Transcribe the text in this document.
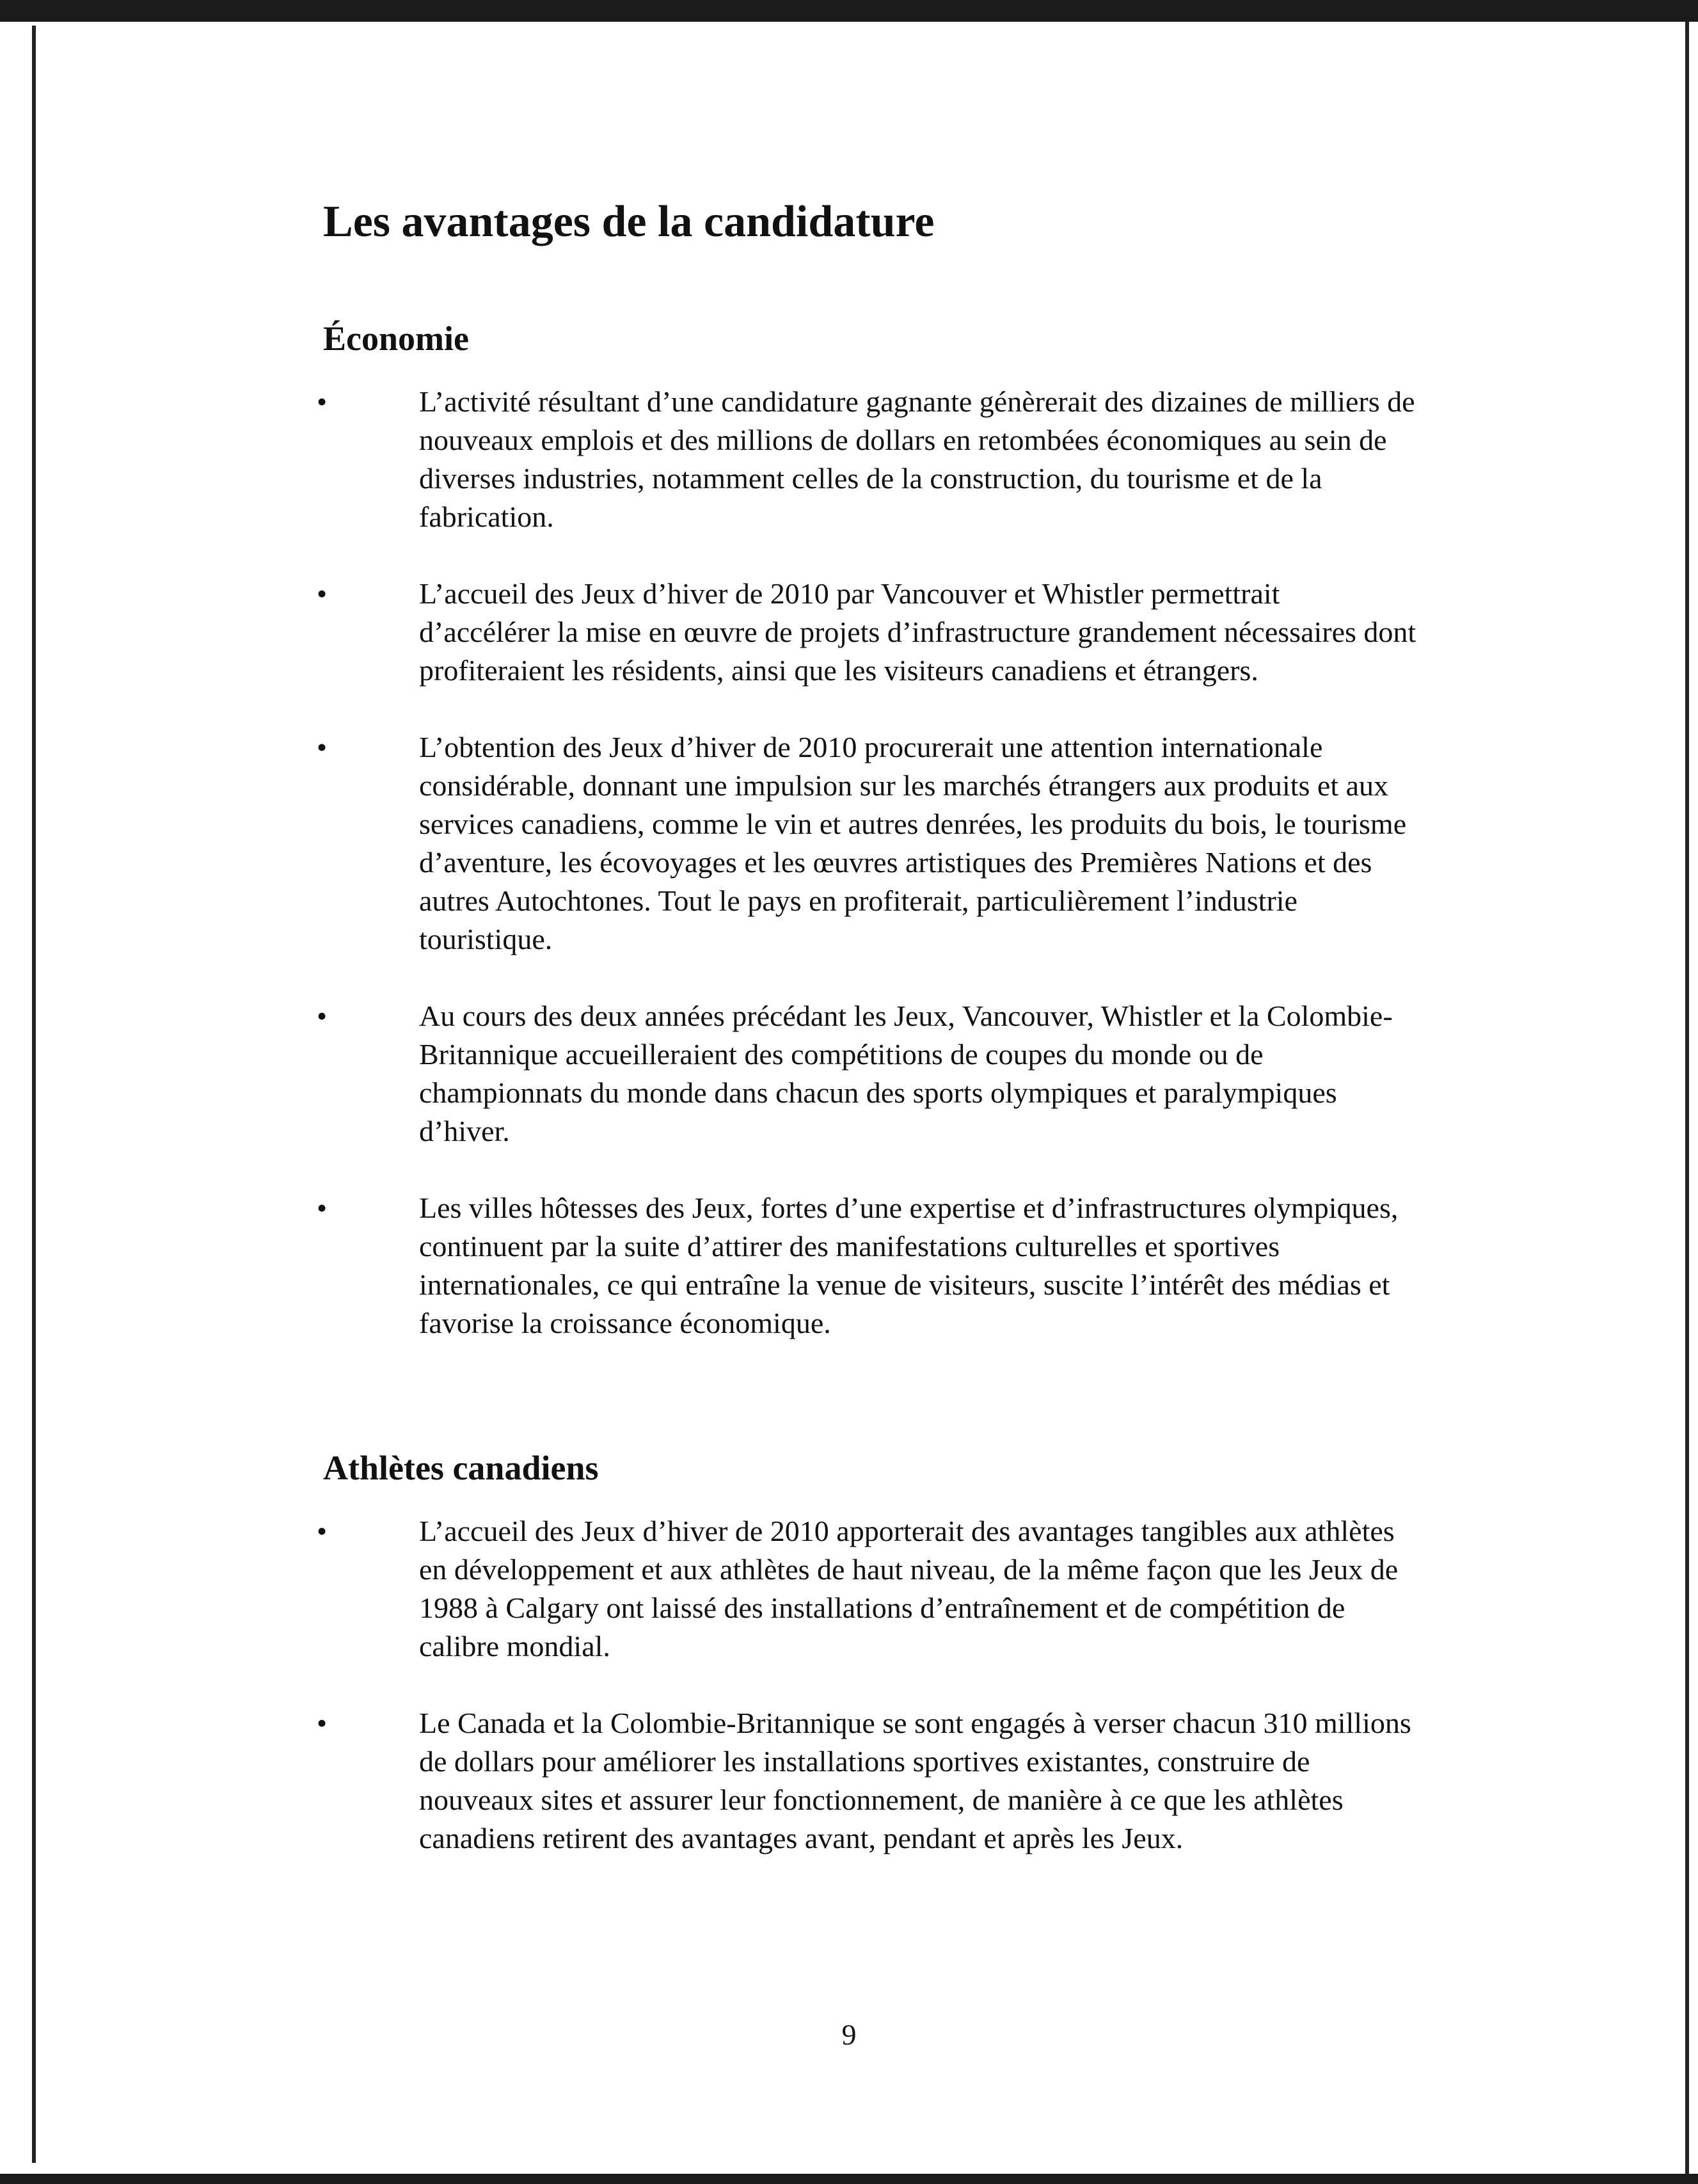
Les avantages de la candidature
Économie
•	L’activité résultant d’une candidature gagnante génèrerait des dizaines de milliers de nouveaux emplois et des millions de dollars en retombées économiques au sein de diverses industries, notamment celles de la construction, du tourisme et de la fabrication.
•	L’accueil des Jeux d’hiver de 2010 par Vancouver et Whistler permettrait d’accélérer la mise en œuvre de projets d’infrastructure grandement nécessaires dont profiteraient les résidents, ainsi que les visiteurs canadiens et étrangers.
•	L’obtention des Jeux d’hiver de 2010 procurerait une attention internationale considérable, donnant une impulsion sur les marchés étrangers aux produits et aux services canadiens, comme le vin et autres denrées, les produits du bois, le tourisme d’aventure, les écovoyages et les œuvres artistiques des Premières Nations et des autres Autochtones. Tout le pays en profiterait, particulièrement l’industrie touristique.
•	Au cours des deux années précédant les Jeux, Vancouver, Whistler et la Colombie-Britannique accueilleraient des compétitions de coupes du monde ou de championnats du monde dans chacun des sports olympiques et paralympiques d’hiver.
•	Les villes hôtesses des Jeux, fortes d’une expertise et d’infrastructures olympiques, continuent par la suite d’attirer des manifestations culturelles et sportives internationales, ce qui entraîne la venue de visiteurs, suscite l’intérêt des médias et favorise la croissance économique.
Athlètes canadiens
•	L’accueil des Jeux d’hiver de 2010 apporterait des avantages tangibles aux athlètes en développement et aux athlètes de haut niveau, de la même façon que les Jeux de 1988 à Calgary ont laissé des installations d’entraînement et de compétition de calibre mondial.
•	Le Canada et la Colombie-Britannique se sont engagés à verser chacun 310 millions de dollars pour améliorer les installations sportives existantes, construire de nouveaux sites et assurer leur fonctionnement, de manière à ce que les athlètes canadiens retirent des avantages avant, pendant et après les Jeux.
9
